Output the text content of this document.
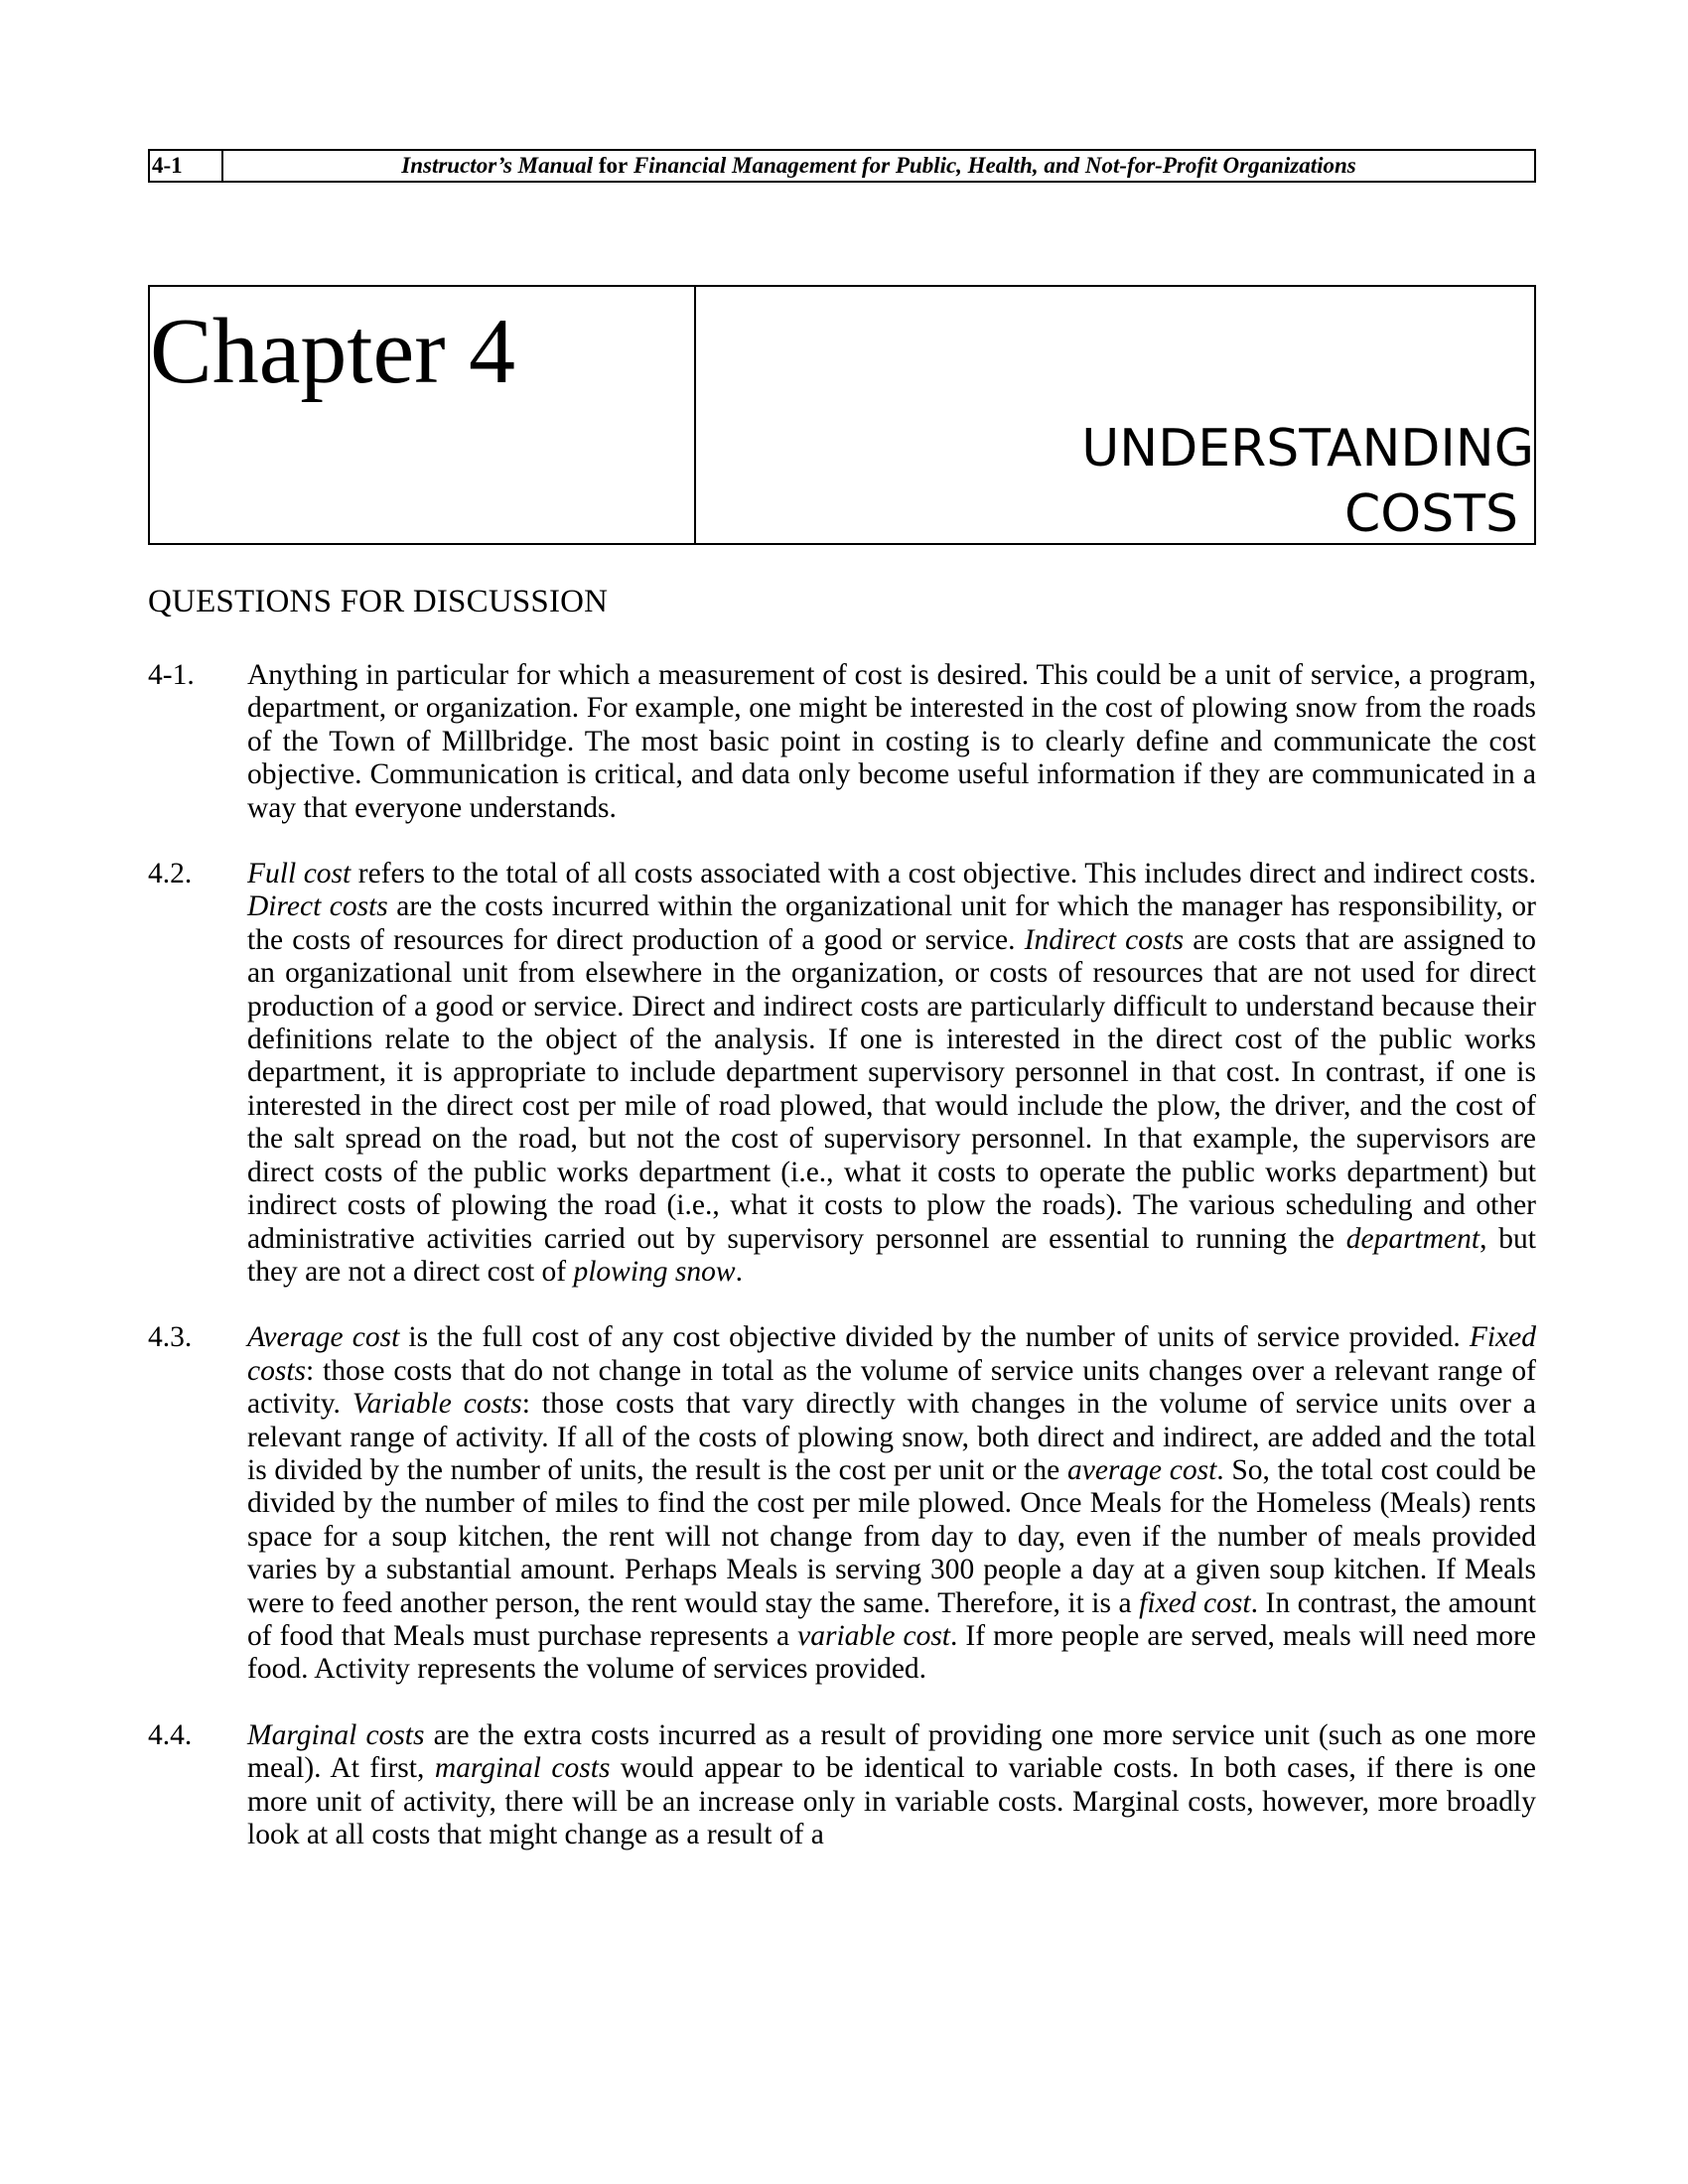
4-1	Instructor’s Manual for Financial Management for Public, Health, and Not-for-Profit Organizations
Chapter 4
UNDERSTANDING
COSTS
QUESTIONS FOR DISCUSSION
4-1.	Anything in particular for which a measurement of cost is desired. This could be a unit of service, a program, department, or organization. For example, one might be interested in the cost of plowing snow from the roads of the Town of Millbridge. The most basic point in costing is to clearly define and communicate the cost objective. Communication is critical, and data only become useful information if they are communicated in a way that everyone understands.
4.2.	Full cost refers to the total of all costs associated with a cost objective. This includes direct and indirect costs. Direct costs are the costs incurred within the organizational unit for which the manager has responsibility, or the costs of resources for direct production of a good or service. Indirect costs are costs that are assigned to an organizational unit from elsewhere in the organization, or costs of resources that are not used for direct production of a good or service. Direct and indirect costs are particularly difficult to understand because their definitions relate to the object of the analysis. If one is interested in the direct cost of the public works department, it is appropriate to include department supervisory personnel in that cost. In contrast, if one is interested in the direct cost per mile of road plowed, that would include the plow, the driver, and the cost of the salt spread on the road, but not the cost of supervisory personnel. In that example, the supervisors are direct costs of the public works department (i.e., what it costs to operate the public works department) but indirect costs of plowing the road (i.e., what it costs to plow the roads). The various scheduling and other administrative activities carried out by supervisory personnel are essential to running the department, but they are not a direct cost of plowing snow.
4.3.	Average cost is the full cost of any cost objective divided by the number of units of service provided. Fixed costs: those costs that do not change in total as the volume of service units changes over a relevant range of activity. Variable costs: those costs that vary directly with changes in the volume of service units over a relevant range of activity. If all of the costs of plowing snow, both direct and indirect, are added and the total is divided by the number of units, the result is the cost per unit or the average cost. So, the total cost could be divided by the number of miles to find the cost per mile plowed. Once Meals for the Homeless (Meals) rents space for a soup kitchen, the rent will not change from day to day, even if the number of meals provided varies by a substantial amount. Perhaps Meals is serving 300 people a day at a given soup kitchen. If Meals were to feed another person, the rent would stay the same. Therefore, it is a fixed cost. In contrast, the amount of food that Meals must purchase represents a variable cost. If more people are served, meals will need more food. Activity represents the volume of services provided.
4.4.	Marginal costs are the extra costs incurred as a result of providing one more service unit (such as one more meal). At first, marginal costs would appear to be identical to variable costs. In both cases, if there is one more unit of activity, there will be an increase only in variable costs. Marginal costs, however, more broadly look at all costs that might change as a result of a
